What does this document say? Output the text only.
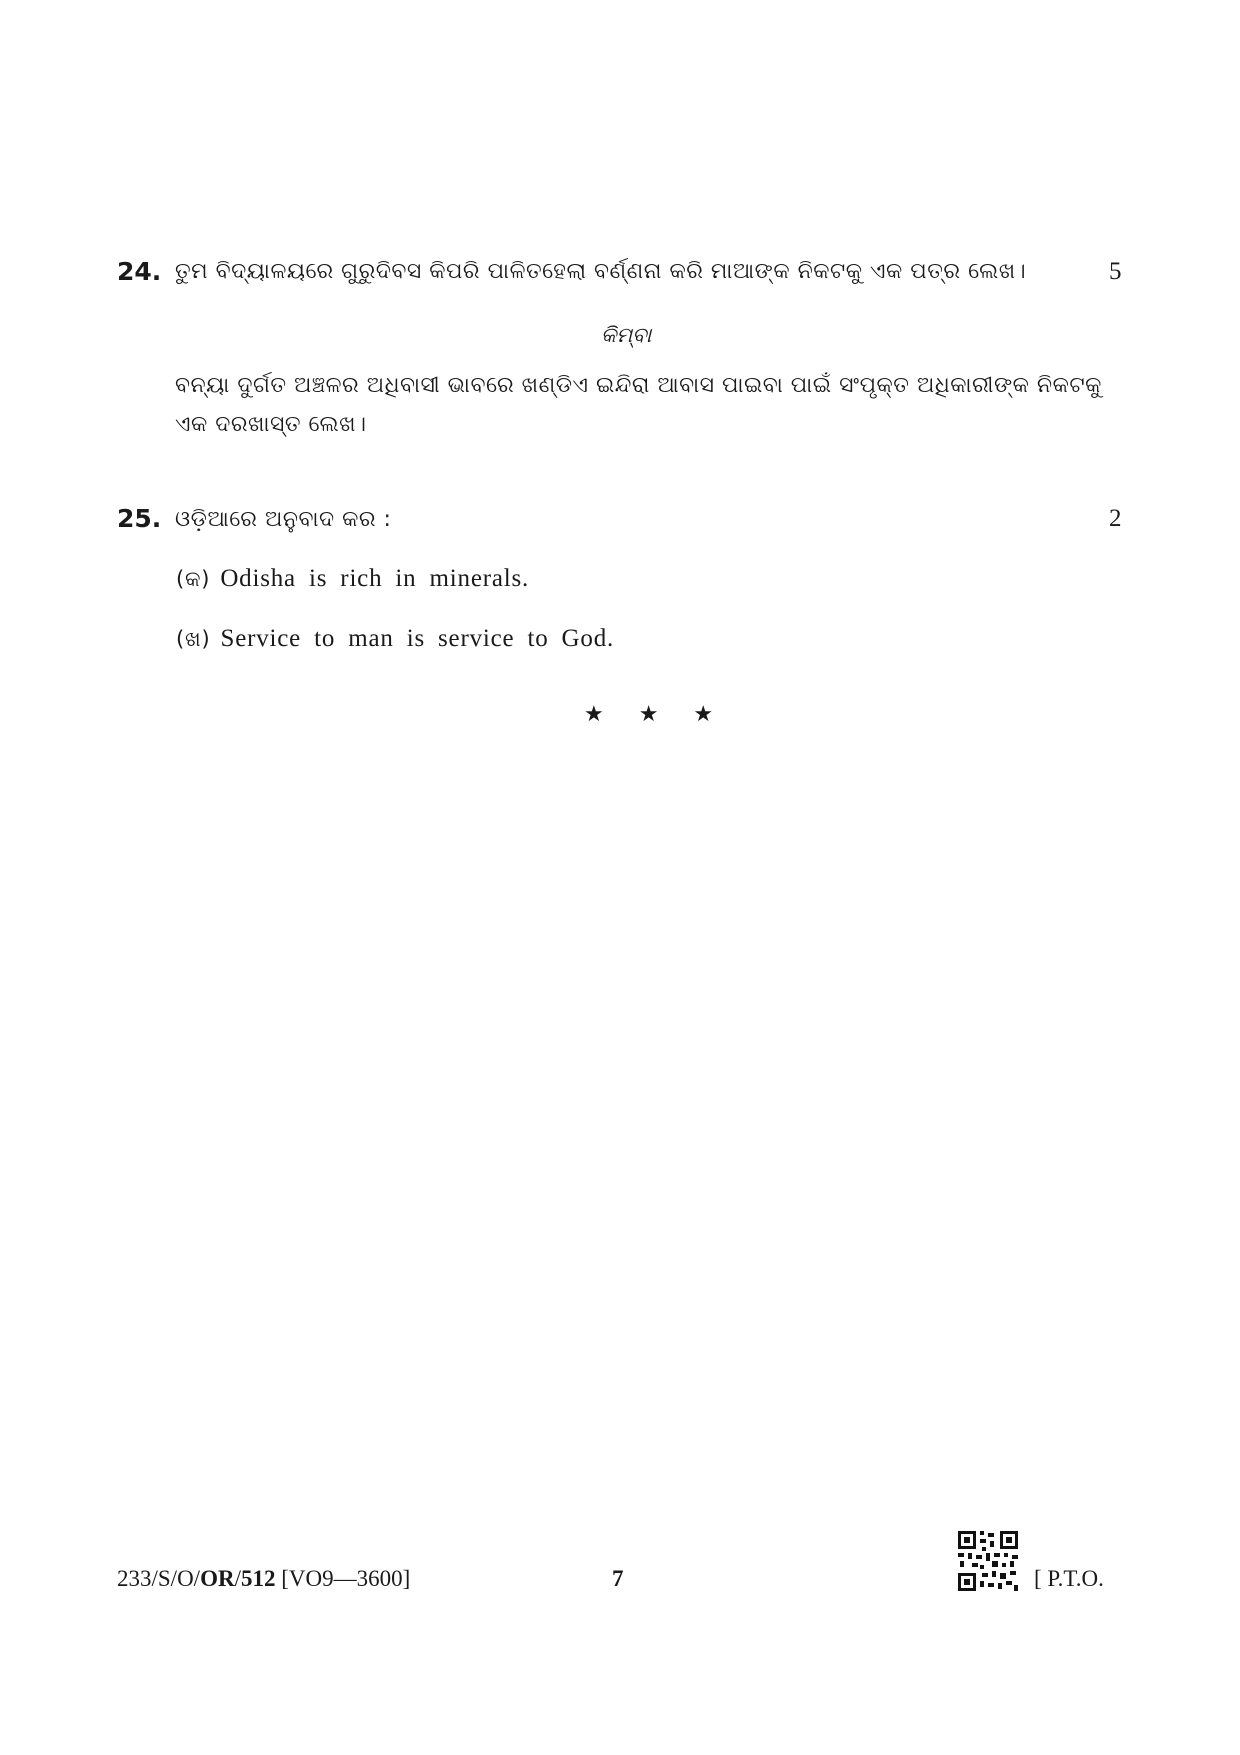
24. ତୁମ ବିଦ୍ୟାଳୟରେ ଗୁରୁଦିବସ କିପରି ପାଳିତହେଲା ବର୍ଣ୍ଣନା କରି ମାଆଙ୍କ ନିକଟକୁ ଏକ ପତ୍ର ଲେଖ।	5
କିମ୍ବା
ବନ୍ୟା ଦୁର୍ଗତ ଅଞ୍ଚଳର ଅଧିବାସୀ ଭାବରେ ଖଣ୍ଡିଏ ଇନ୍ଦିରା ଆବାସ ପାଇବା ପାଇଁ ସଂପୃକ୍ତ ଅଧିକାରୀଙ୍କ ନିକଟକୁ
ଏକ ଦରଖାସ୍ତ ଲେଖ।
25. ଓଡ଼ିଆରେ ଅନୁବାଦ କର :	2
(କ) Odisha is rich in minerals.
(ଖ) Service to man is service to God.
★ ★ ★
233/S/O/OR/512 [VO9—3600]	7	[ P.T.O.
